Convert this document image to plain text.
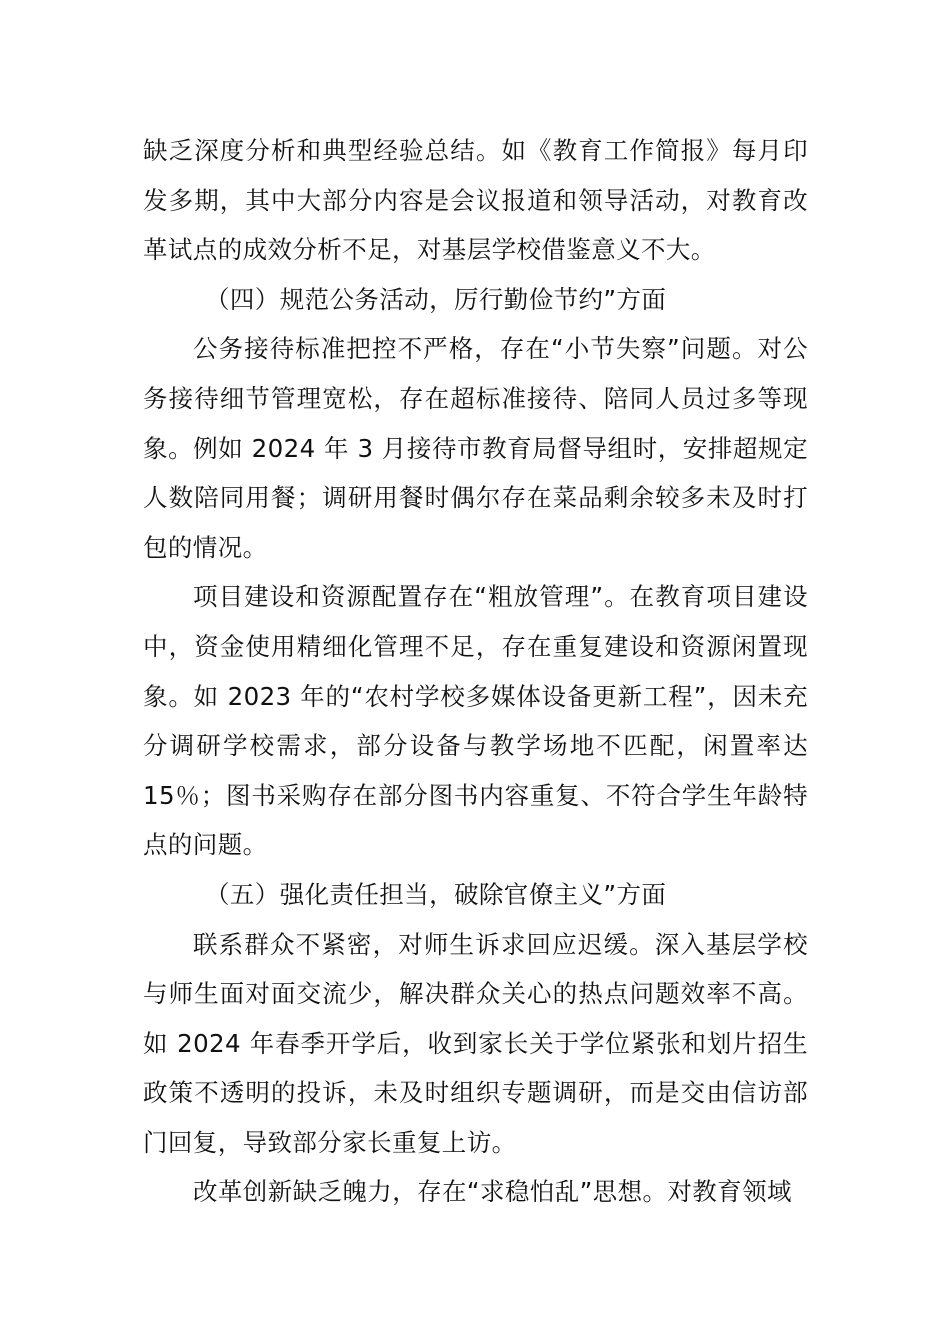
缺乏深度分析和典型经验总结。如《教育工作简报》每月印发多期，其中大部分内容是会议报道和领导活动，对教育改革试点的成效分析不足，对基层学校借鉴意义不大。

（四）规范公务活动，厉行勤俭节约”方面

公务接待标准把控不严格，存在“小节失察”问题。对公务接待细节管理宽松，存在超标准接待、陪同人员过多等现象。例如 2024 年 3 月接待市教育局督导组时，安排超规定人数陪同用餐；调研用餐时偶尔存在菜品剩余较多未及时打包的情况。

项目建设和资源配置存在“粗放管理”。在教育项目建设中，资金使用精细化管理不足，存在重复建设和资源闲置现象。如 2023 年的“农村学校多媒体设备更新工程”，因未充分调研学校需求，部分设备与教学场地不匹配，闲置率达 15％；图书采购存在部分图书内容重复、不符合学生年龄特点的问题。

（五）强化责任担当，破除官僚主义”方面

联系群众不紧密，对师生诉求回应迟缓。深入基层学校与师生面对面交流少，解决群众关心的热点问题效率不高。如 2024 年春季开学后，收到家长关于学位紧张和划片招生政策不透明的投诉，未及时组织专题调研，而是交由信访部门回复，导致部分家长重复上访。

改革创新缺乏魄力，存在“求稳怕乱”思想。对教育领域
